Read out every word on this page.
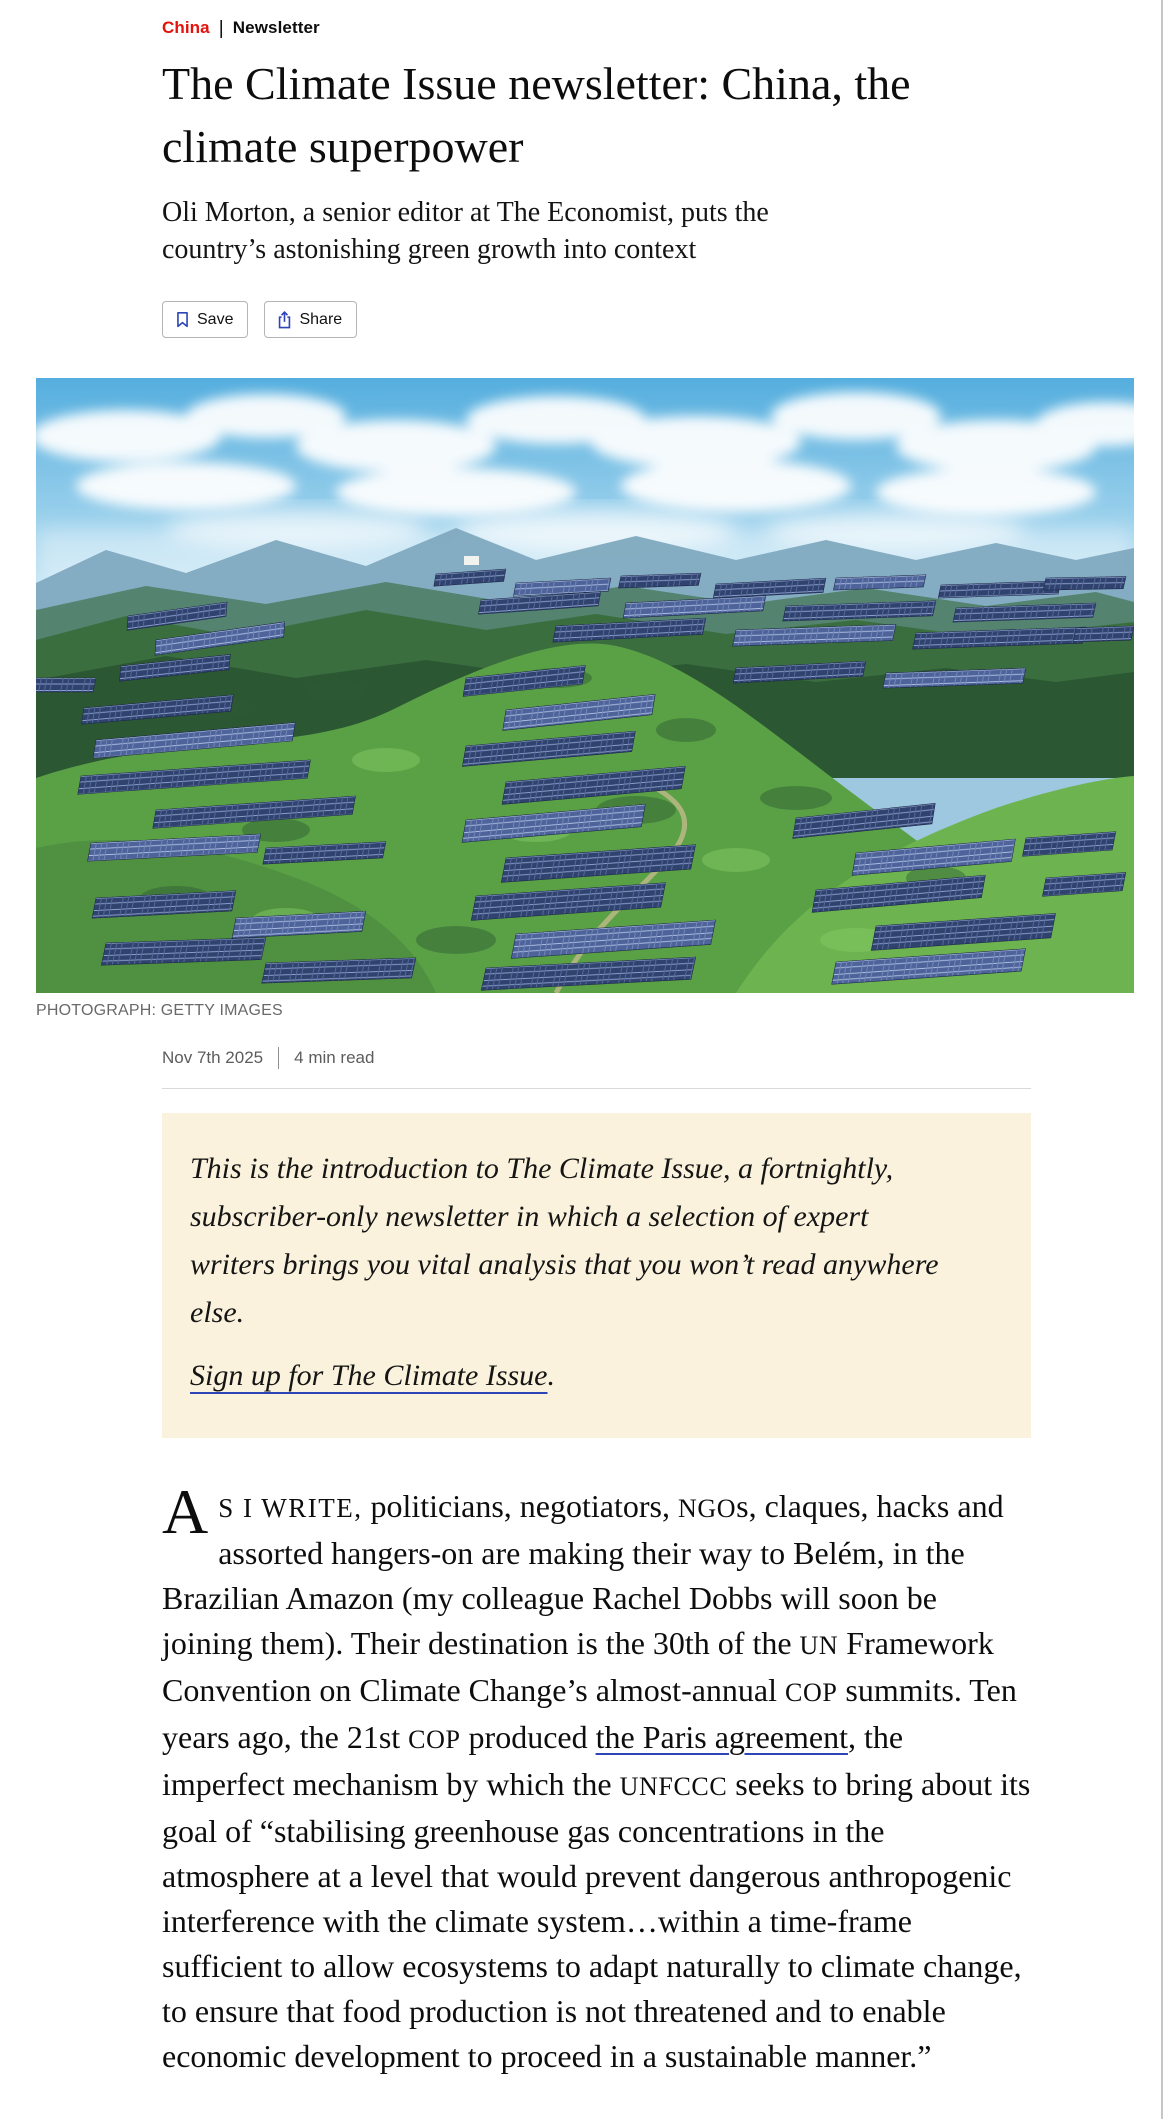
China | Newsletter
The Climate Issue newsletter: China, the climate superpower

Oli Morton, a senior editor at The Economist, puts the country’s astonishing green growth into context

Save	Share
PHOTOGRAPH: GETTY IMAGES
Nov 7th 2025 4 min read

This is the introduction to The Climate Issue, a fortnightly, subscriber-only newsletter in which a selection of expert writers brings you vital analysis that you won’t read anywhere else.

Sign up for The Climate Issue.

A S I WRITE, politicians, negotiators, NGOs, claques, hacks and assorted hangers-on are making their way to Belém, in the Brazilian Amazon (my colleague Rachel Dobbs will soon be joining them). Their destination is the 30th of the UN Framework Convention on Climate Change’s almost-annual COP summits. Ten years ago, the 21st COP produced the Paris agreement, the imperfect mechanism by which the UNFCCC seeks to bring about its goal of “stabilising greenhouse gas concentrations in the atmosphere at a level that would prevent dangerous anthropogenic interference with the climate system…within a time-frame sufficient to allow ecosystems to adapt naturally to climate change, to ensure that food production is not threatened and to enable economic development to proceed in a sustainable manner.”
